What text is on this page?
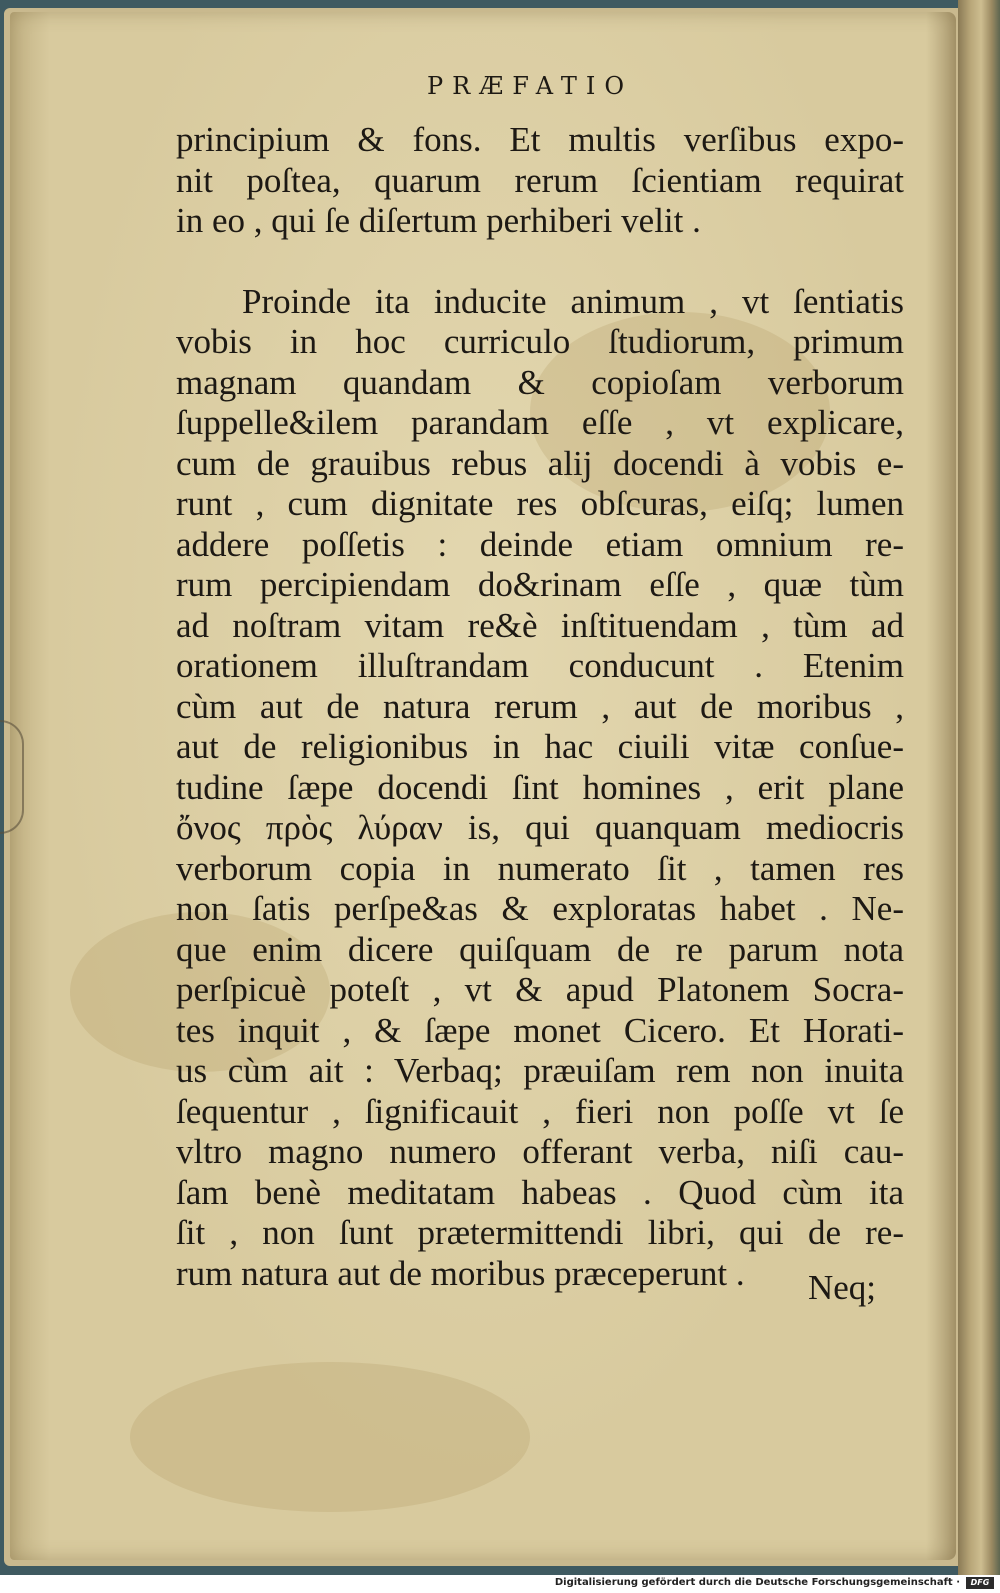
PRÆFATIO
principium & fons. Et multis verſibus expo-
nit poſtea, quarum rerum ſcientiam requirat
in eo , qui ſe diſertum perhiberi velit .
Proinde ita inducite animum , vt ſentiatis
vobis in hoc curriculo ſtudiorum, primum
magnam quandam & copioſam verborum
ſuppelle&ilem parandam eſſe , vt explicare,
cum de grauibus rebus alij docendi à vobis e-
runt , cum dignitate res obſcuras, eiſq; lumen
addere poſſetis : deinde etiam omnium re-
rum percipiendam do&rinam eſſe , quæ tùm
ad noſtram vitam re&è inſtituendam , tùm ad
orationem illuſtrandam conducunt . Etenim
cùm aut de natura rerum , aut de moribus ,
aut de religionibus in hac ciuili vitæ conſue-
tudine ſæpe docendi ſint homines , erit plane
ὄνος πρὸς λύραν is, qui quanquam mediocris
verborum copia in numerato ſit , tamen res
non ſatis perſpe&as & exploratas habet . Ne-
que enim dicere quiſquam de re parum nota
perſpicuè poteſt , vt & apud Platonem Socra-
tes inquit , & ſæpe monet Cicero. Et Horati-
us cùm ait : Verbaq; præuiſam rem non inuita
ſequentur , ſignificauit , fieri non poſſe vt ſe
vltro magno numero offerant verba, niſi cau-
ſam benè meditatam habeas . Quod cùm ita
ſit , non ſunt prætermittendi libri, qui de re-
rum natura aut de moribus præceperunt .	Neq;
Digitalisierung gefördert durch die Deutsche Forschungsgemeinschaft ·	DFG
